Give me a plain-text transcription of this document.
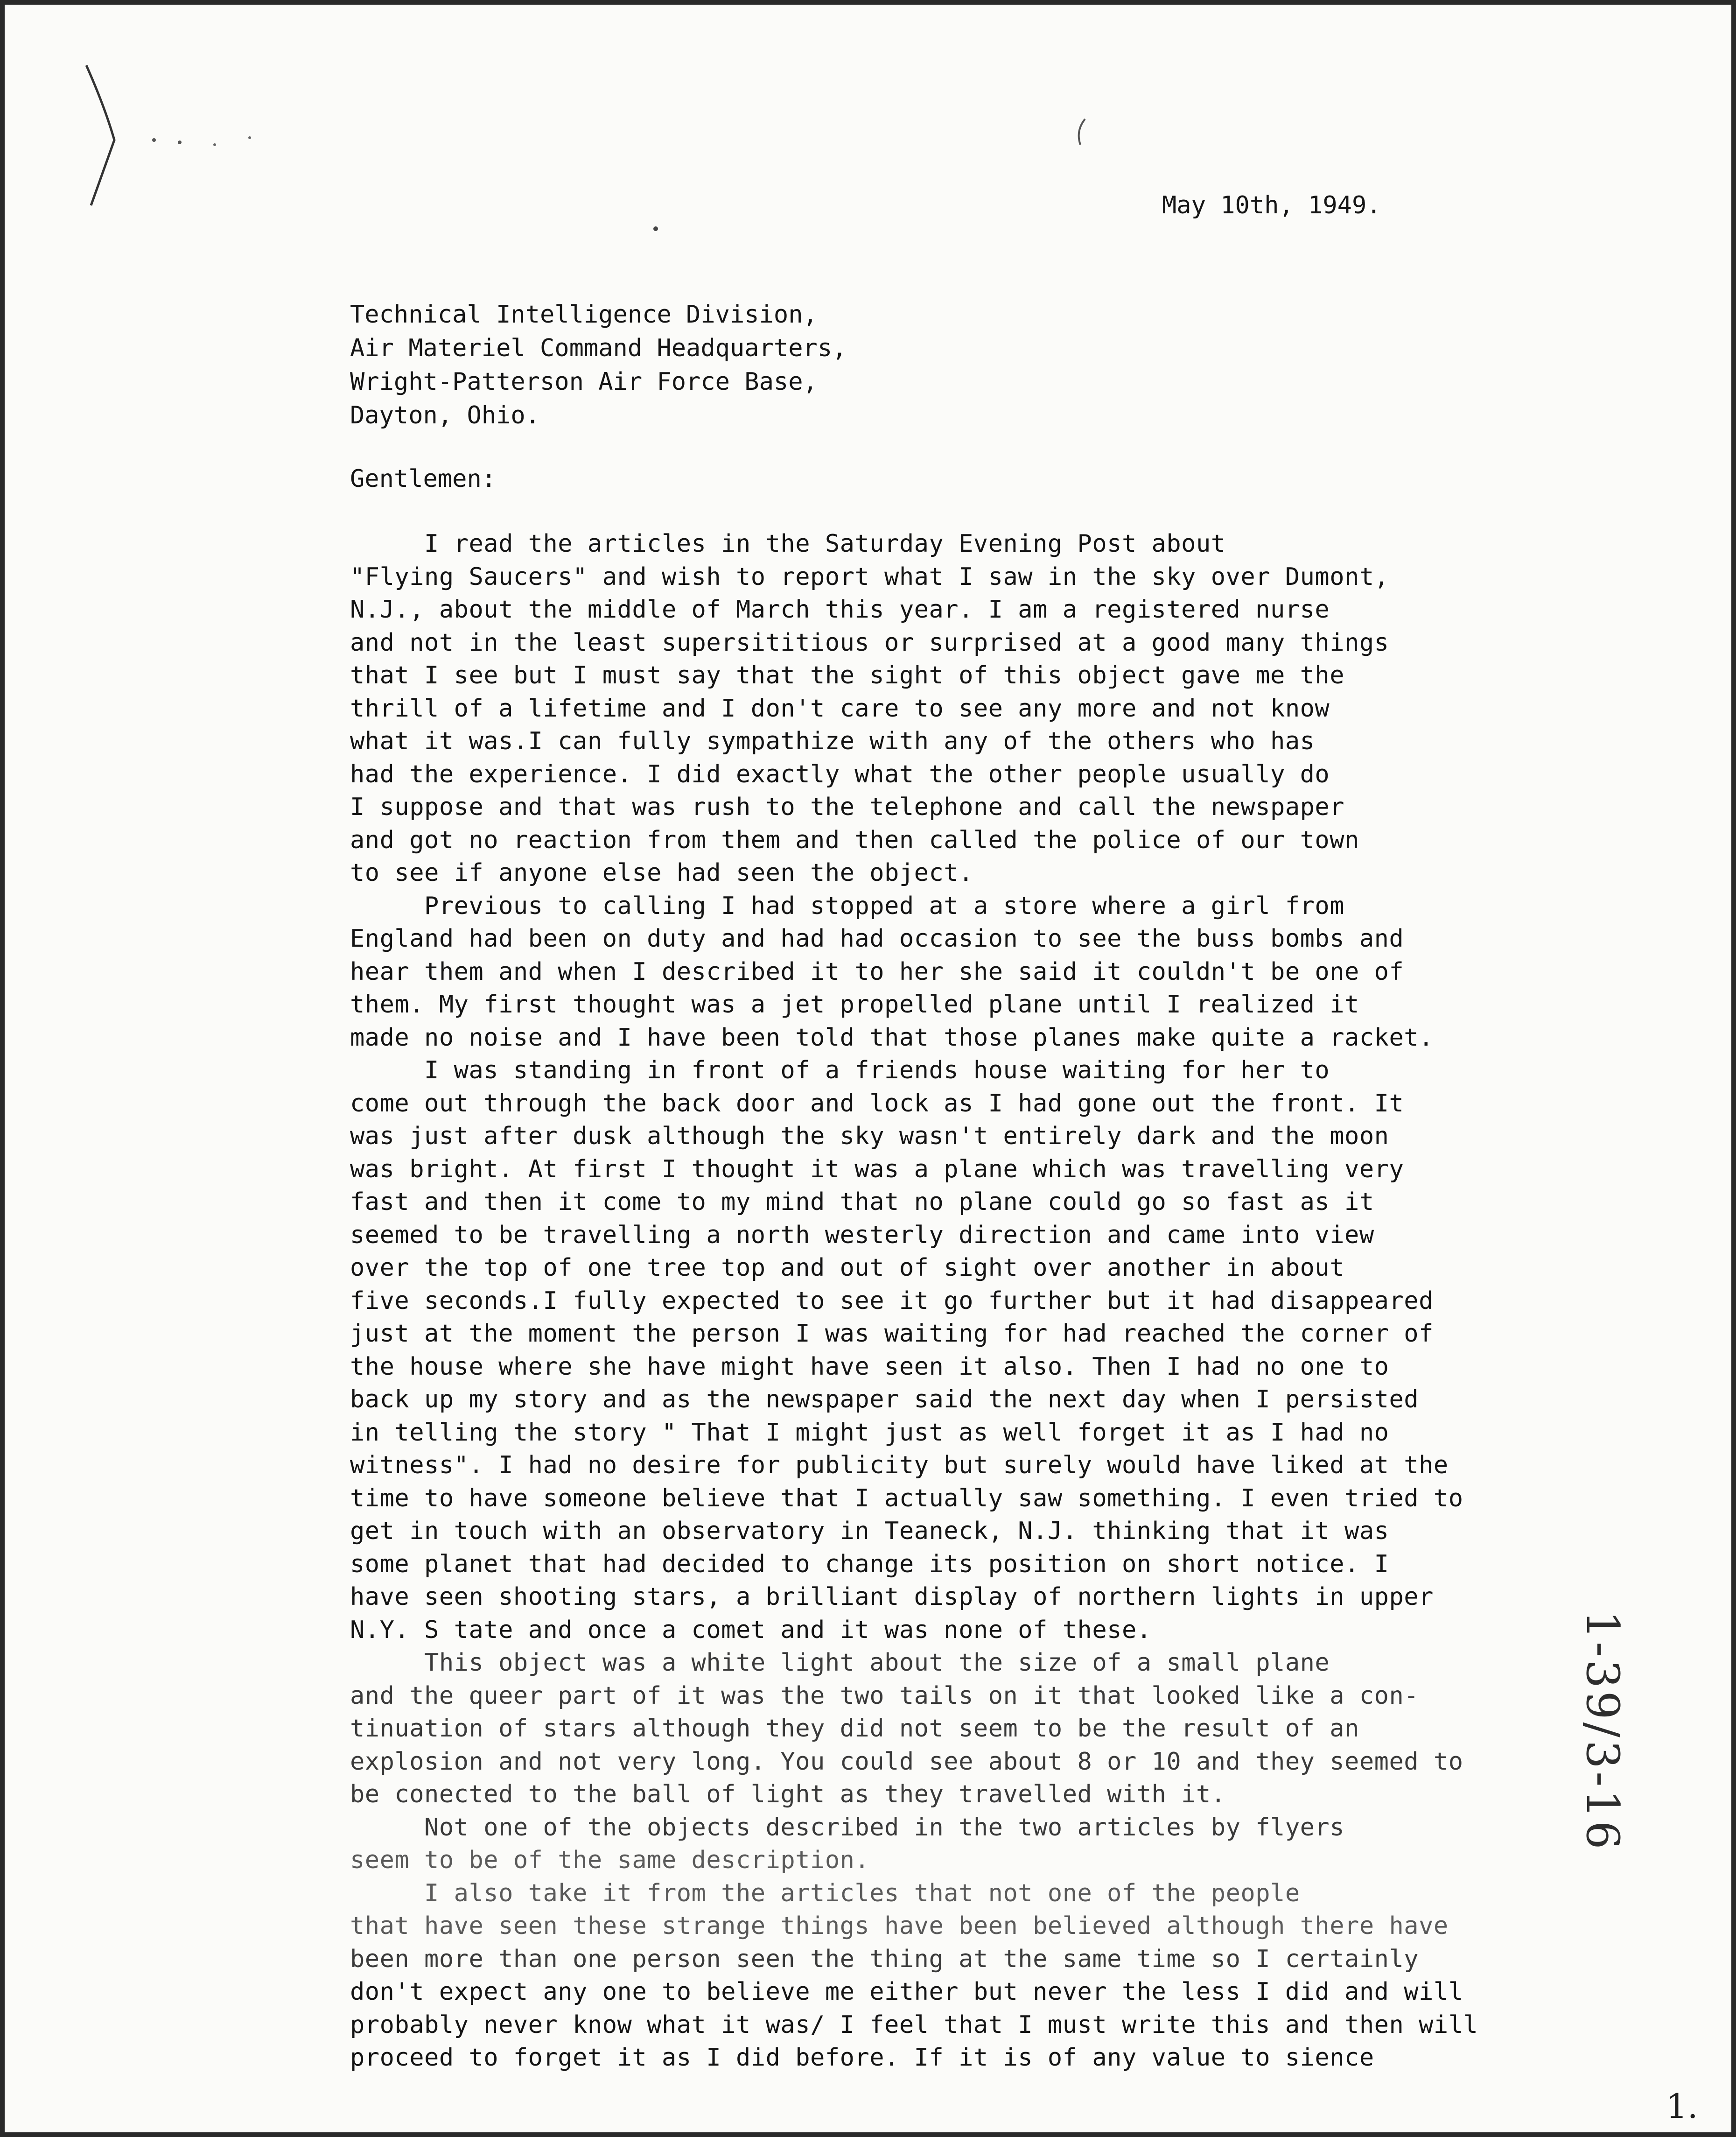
May 10th, 1949.
Technical Intelligence Division,
Air Materiel Command Headquarters,
Wright-Patterson Air Force Base,
Dayton, Ohio.
Gentlemen:
I read the articles in the Saturday Evening Post about
"Flying Saucers" and wish to report what I saw in the sky over Dumont,
N.J., about the middle of March this year. I am a registered nurse
and not in the least supersititious or surprised at a good many things
that I see but I must say that the sight of this object gave me the
thrill of a lifetime and I don't care to see any more and not know
what it was.I can fully sympathize with any of the others who has
had the experience. I did exactly what the other people usually do
I suppose and that was rush to the telephone and call the newspaper
and got no reaction from them and then called the police of our town
to see if anyone else had seen the object.
Previous to calling I had stopped at a store where a girl from
England had been on duty and had had occasion to see the buss bombs and
hear them and when I described it to her she said it couldn't be one of
them. My first thought was a jet propelled plane until I realized it
made no noise and I have been told that those planes make quite a racket.
I was standing in front of a friends house waiting for her to
come out through the back door and lock as I had gone out the front. It
was just after dusk although the sky wasn't entirely dark and the moon
was bright. At first I thought it was a plane which was travelling very
fast and then it come to my mind that no plane could go so fast as it
seemed to be travelling a north westerly direction and came into view
over the top of one tree top and out of sight over another in about
five seconds.I fully expected to see it go further but it had disappeared
just at the moment the person I was waiting for had reached the corner of
the house where she have might have seen it also. Then I had no one to
back up my story and as the newspaper said the next day when I persisted
in telling the story " That I might just as well forget it as I had no
witness". I had no desire for publicity but surely would have liked at the
time to have someone believe that I actually saw something. I even tried to
get in touch with an observatory in Teaneck, N.J. thinking that it was
some planet that had decided to change its position on short notice. I
have seen shooting stars, a brilliant display of northern lights in upper
N.Y. S tate and once a comet and it was none of these.
This object was a white light about the size of a small plane
and the queer part of it was the two tails on it that looked like a con-
tinuation of stars although they did not seem to be the result of an
explosion and not very long. You could see about 8 or 10 and they seemed to
be conected to the ball of light as they travelled with it.
Not one of the objects described in the two articles by flyers
seem to be of the same description.
I also take it from the articles that not one of the people
that have seen these strange things have been believed although there have
been more than one person seen the thing at the same time so I certainly
don't expect any one to believe me either but never the less I did and will
probably never know what it was/ I feel that I must write this and then will
proceed to forget it as I did before. If it is of any value to sience
1-39/3-16
1.
